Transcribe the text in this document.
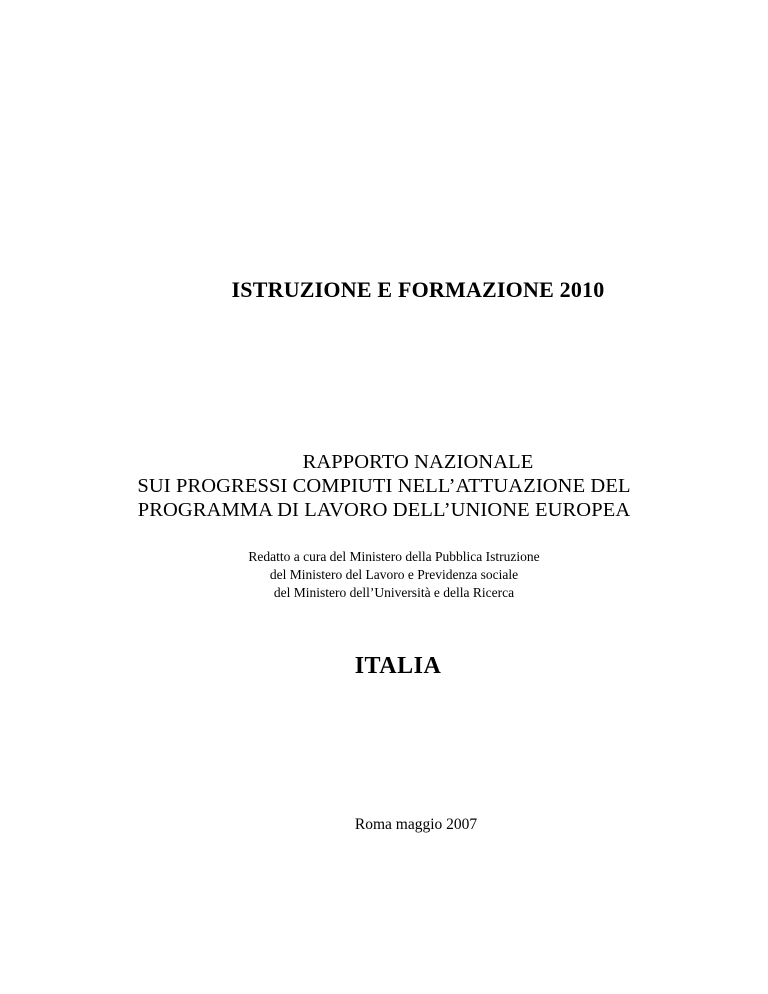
ISTRUZIONE E FORMAZIONE 2010
RAPPORTO NAZIONALE
SUI PROGRESSI COMPIUTI NELL’ATTUAZIONE DEL
PROGRAMMA DI LAVORO DELL’UNIONE EUROPEA
Redatto a cura del Ministero della Pubblica Istruzione
del Ministero del Lavoro e Previdenza sociale
del Ministero dell’Università e della Ricerca
ITALIA
Roma maggio 2007
